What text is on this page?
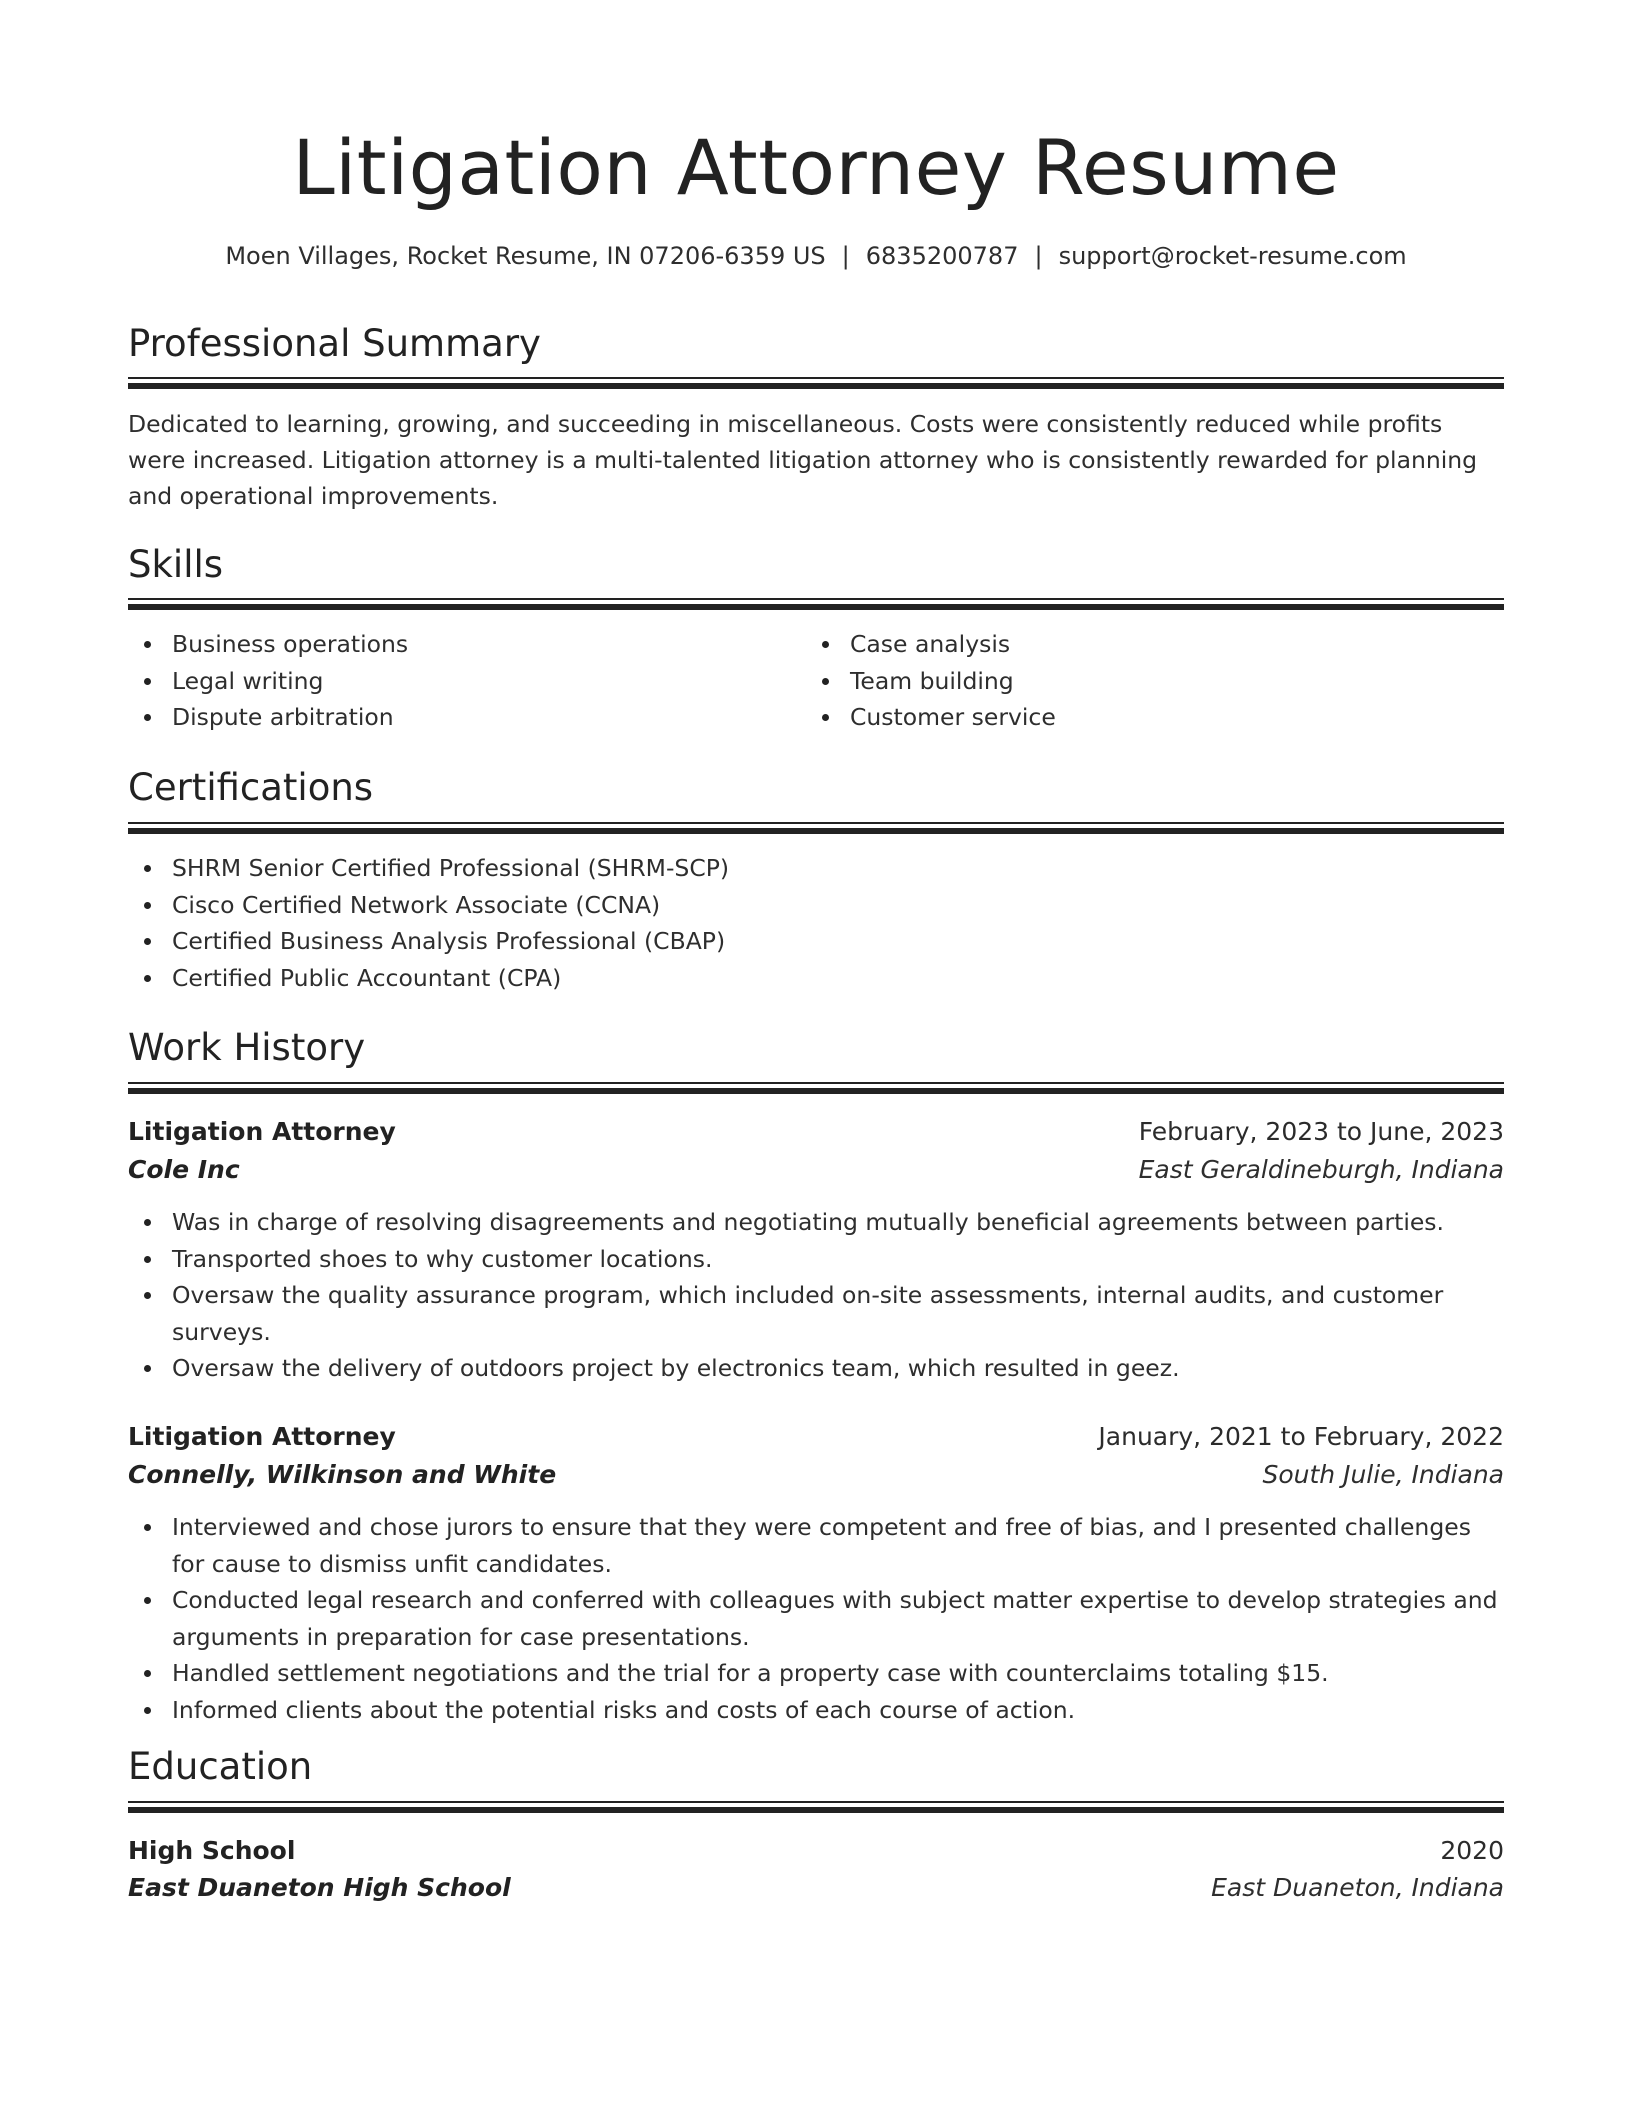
Litigation Attorney Resume
Moen Villages, Rocket Resume, IN 07206-6359 US | 6835200787 | support@rocket-resume.com
Professional Summary
Dedicated to learning, growing, and succeeding in miscellaneous. Costs were consistently reduced while profits were increased. Litigation attorney is a multi-talented litigation attorney who is consistently rewarded for planning and operational improvements.
Skills
Business operations
Legal writing
Dispute arbitration
Case analysis
Team building
Customer service
Certifications
SHRM Senior Certified Professional (SHRM-SCP)
Cisco Certified Network Associate (CCNA)
Certified Business Analysis Professional (CBAP)
Certified Public Accountant (CPA)
Work History
Litigation Attorney	February, 2023 to June, 2023
Cole Inc	East Geraldineburgh, Indiana
Was in charge of resolving disagreements and negotiating mutually beneficial agreements between parties.
Transported shoes to why customer locations.
Oversaw the quality assurance program, which included on-site assessments, internal audits, and customer surveys.
Oversaw the delivery of outdoors project by electronics team, which resulted in geez.
Litigation Attorney	January, 2021 to February, 2022
Connelly, Wilkinson and White	South Julie, Indiana
Interviewed and chose jurors to ensure that they were competent and free of bias, and I presented challenges for cause to dismiss unfit candidates.
Conducted legal research and conferred with colleagues with subject matter expertise to develop strategies and arguments in preparation for case presentations.
Handled settlement negotiations and the trial for a property case with counterclaims totaling $15.
Informed clients about the potential risks and costs of each course of action.
Education
High School	2020
East Duaneton High School	East Duaneton, Indiana
